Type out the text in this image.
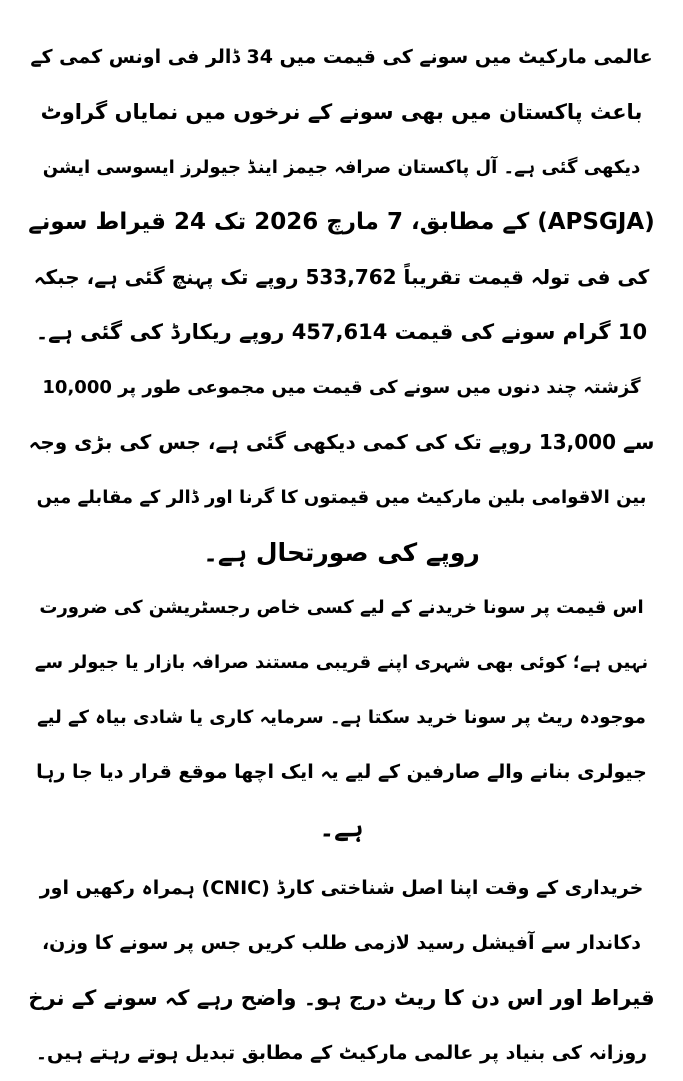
عالمی مارکیٹ میں سونے کی قیمت میں 34 ڈالر فی اونس کمی کے
باعث پاکستان میں بھی سونے کے نرخوں میں نمایاں گراوٹ
دیکھی گئی ہے۔ آل پاکستان صرافہ جیمز اینڈ جیولرز ایسوسی ایشن
(APSGJA) کے مطابق، 7 مارچ 2026 تک 24 قیراط سونے
کی فی تولہ قیمت تقریباً 533,762 روپے تک پہنچ گئی ہے، جبکہ
10 گرام سونے کی قیمت 457,614 روپے ریکارڈ کی گئی ہے۔
گزشتہ چند دنوں میں سونے کی قیمت میں مجموعی طور پر 10,000
سے 13,000 روپے تک کی کمی دیکھی گئی ہے، جس کی بڑی وجہ
بین الاقوامی بلین مارکیٹ میں قیمتوں کا گرنا اور ڈالر کے مقابلے میں
روپے کی صورتحال ہے۔
اس قیمت پر سونا خریدنے کے لیے کسی خاص رجسٹریشن کی ضرورت
نہیں ہے؛ کوئی بھی شہری اپنے قریبی مستند صرافہ بازار یا جیولر سے
موجودہ ریٹ پر سونا خرید سکتا ہے۔ سرمایہ کاری یا شادی بیاہ کے لیے
جیولری بنانے والے صارفین کے لیے یہ ایک اچھا موقع قرار دیا جا رہا
ہے۔
خریداری کے وقت اپنا اصل شناختی کارڈ (CNIC) ہمراہ رکھیں اور
دکاندار سے آفیشل رسید لازمی طلب کریں جس پر سونے کا وزن،
قیراط اور اس دن کا ریٹ درج ہو۔ واضح رہے کہ سونے کے نرخ
روزانہ کی بنیاد پر عالمی مارکیٹ کے مطابق تبدیل ہوتے رہتے ہیں۔
